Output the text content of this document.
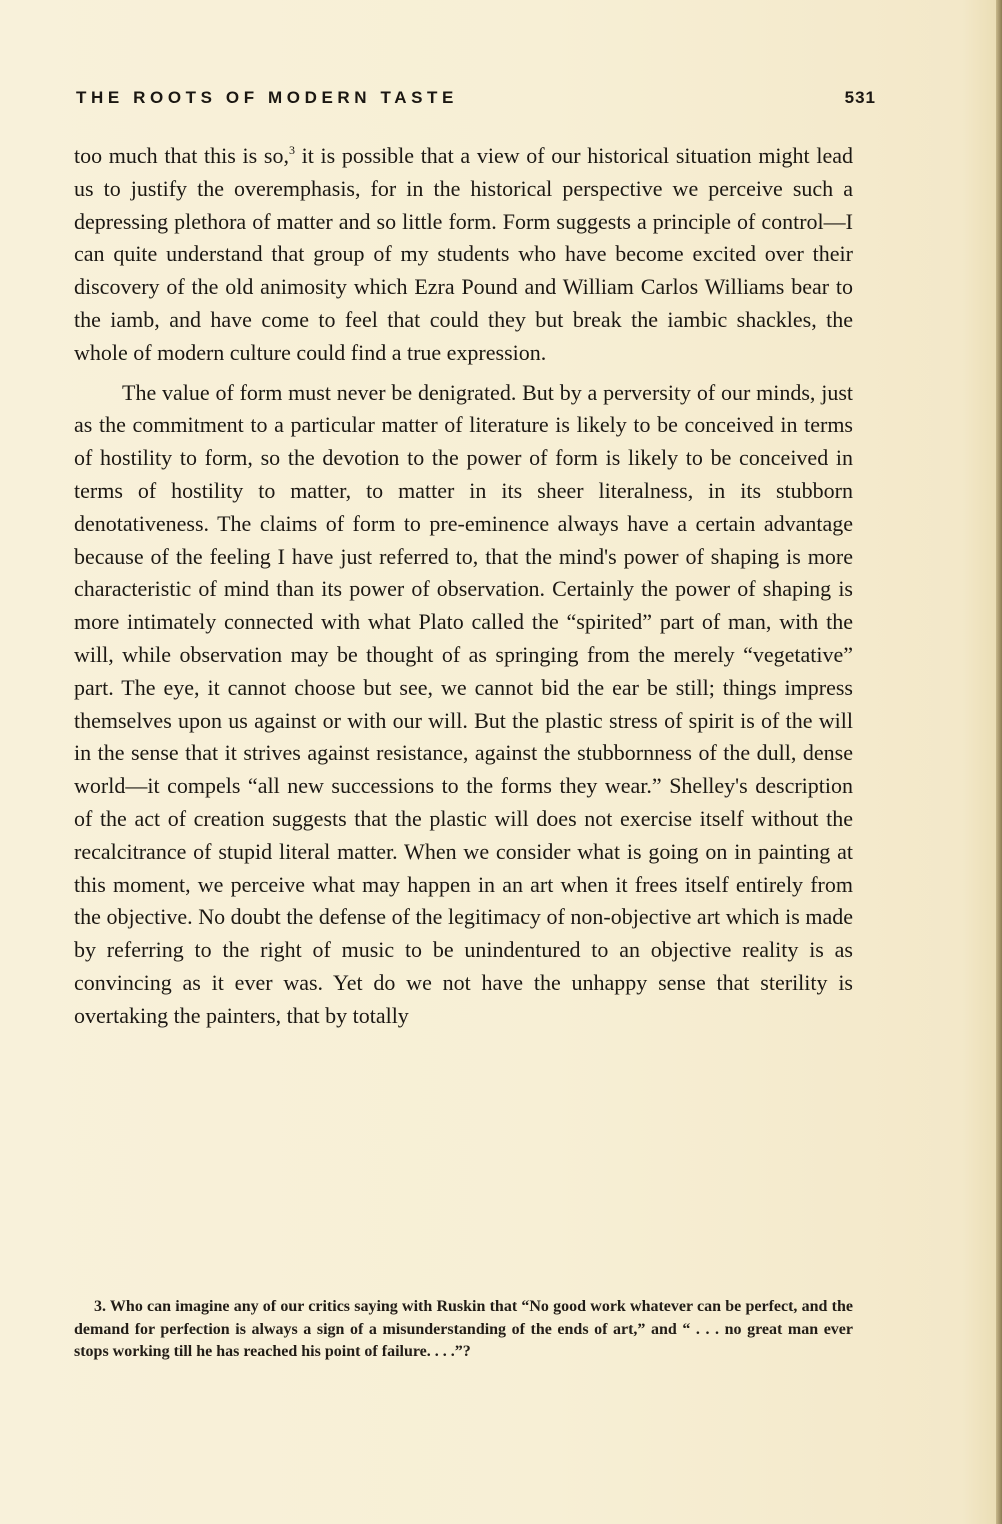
THE ROOTS OF MODERN TASTE	531

too much that this is so,$^3$ it is possible that a view of our historical situation might lead us to justify the overemphasis, for in the historical perspective we perceive such a depressing plethora of matter and so little form. Form suggests a principle of control—I can quite understand that group of my students who have become excited over their discovery of the old animosity which Ezra Pound and William Carlos Williams bear to the iamb, and have come to feel that could they but break the iambic shackles, the whole of modern culture could find a true expression.

The value of form must never be denigrated. But by a perversity of our minds, just as the commitment to a particular matter of literature is likely to be conceived in terms of hostility to form, so the devotion to the power of form is likely to be conceived in terms of hostility to matter, to matter in its sheer literalness, in its stubborn denotativeness. The claims of form to pre-eminence always have a certain advantage because of the feeling I have just referred to, that the mind's power of shaping is more characteristic of mind than its power of observation. Certainly the power of shaping is more intimately connected with what Plato called the “spirited” part of man, with the will, while observation may be thought of as springing from the merely “vegetative” part. The eye, it cannot choose but see, we cannot bid the ear be still; things impress themselves upon us against or with our will. But the plastic stress of spirit is of the will in the sense that it strives against resistance, against the stubbornness of the dull, dense world—it compels “all new successions to the forms they wear.” Shelley's description of the act of creation suggests that the plastic will does not exercise itself without the recalcitrance of stupid literal matter. When we consider what is going on in painting at this moment, we perceive what may happen in an art when it frees itself entirely from the objective. No doubt the defense of the legitimacy of non-objective art which is made by referring to the right of music to be unindentured to an objective reality is as convincing as it ever was. Yet do we not have the unhappy sense that sterility is overtaking the painters, that by totally

3. Who can imagine any of our critics saying with Ruskin that “No good work whatever can be perfect, and the demand for perfection is always a sign of a misunderstanding of the ends of art,” and “ . . . no great man ever stops working till he has reached his point of failure. . . .”?
